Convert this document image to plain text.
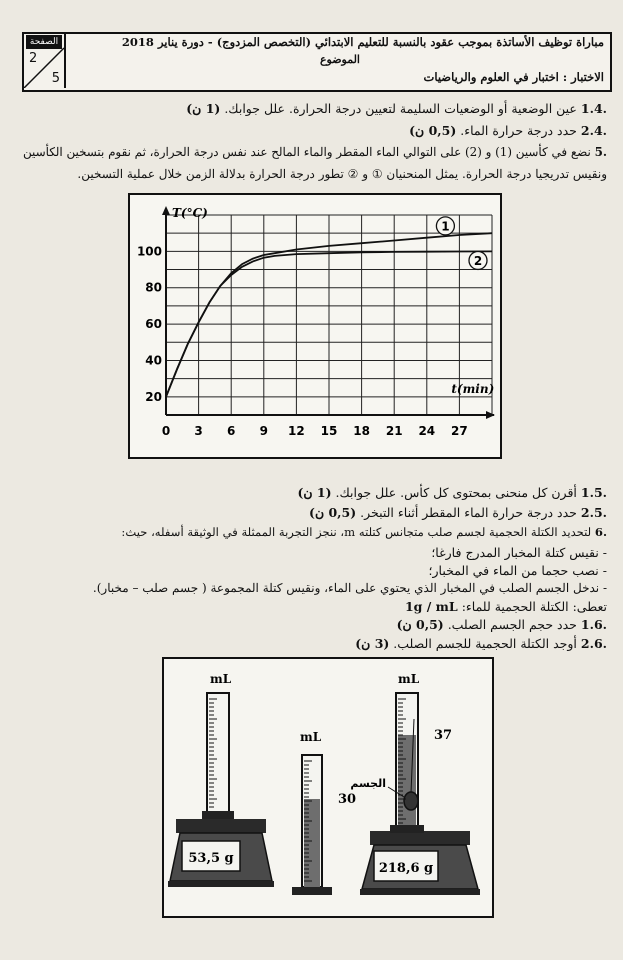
الصفحة
2
5
مباراة توظيف الأساتذة بموجب عقود بالنسبة للتعليم الابتدائي (التخصص المزدوج) - دورة يناير 2018
الموضوع
الاختبار : اختبار في العلوم والرياضيات
.1.4 عين الوضعية أو الوضعيات السليمة لتعيين درجة الحرارة. علل جوابك. (1 ن)
.2.4 حدد درجة حرارة الماء. (0,5 ن)
.5 نضع في كأسين (1) و (2) على التوالي الماء المقطر والماء المالح عند نفس درجة الحرارة، ثم نقوم بتسخين الكأسين
ونقيس تدريجيا درجة الحرارة. يمثل المنحنيان ① و ② تطور درجة الحرارة بدلالة الزمن خلال عملية التسخين.
0 3 6 9 12 15 18 21 24 27
20
40
60
80
100
1
2
T(°C)
t(min)
.1.5 أقرن كل منحنى بمحتوى كل كأس. علل جوابك. (1 ن)
.2.5 حدد درجة حرارة الماء المقطر أثناء التبخر. (0,5 ن)
.6 لتحديد الكتلة الحجمية لجسم صلب متجانس كتلته m، ننجز التجربة الممثلة في الوثيقة أسفله، حيث:
- نقيس كتلة المخبار المدرج فارغا؛
- نصب حجما من الماء في المخبار؛
- ندخل الجسم الصلب في المخبار الذي يحتوي على الماء، ونقيس كتلة المجموعة ( جسم صلب – مخبار).
تعطى: الكتلة الحجمية للماء: 1g / mL
.1.6 حدد حجم الجسم الصلب. (0,5 ن)
.2.6 أوجد الكتلة الحجمية للجسم الصلب. (3 ن)
53,5 g
mL
mL
30
218,6 g
mL
37
الجسم
